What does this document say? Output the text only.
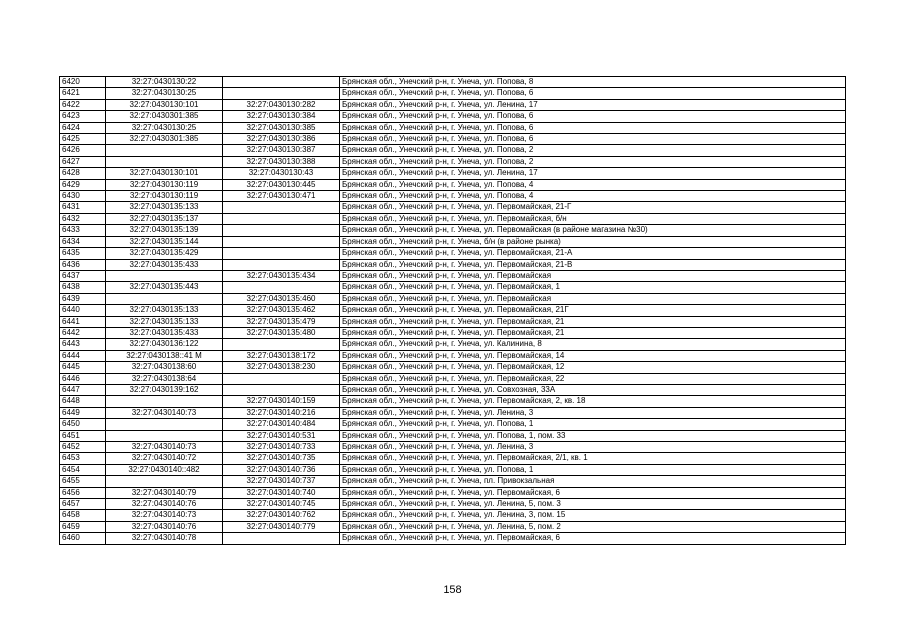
6420	32:27:0430130:22		Брянская обл., Унечский р-н, г. Унеча, ул. Попова, 8
6421	32:27:0430130:25		Брянская обл., Унечский р-н, г. Унеча, ул. Попова, 6
6422	32:27:0430130:101	32:27:0430130:282	Брянская обл., Унечский р-н, г. Унеча, ул. Ленина, 17
6423	32:27:0430301:385	32:27:0430130:384	Брянская обл., Унечский р-н, г. Унеча, ул. Попова, 6
6424	32:27:0430130:25	32:27:0430130:385	Брянская обл., Унечский р-н, г. Унеча, ул. Попова, 6
6425	32:27:0430301:385	32:27:0430130:386	Брянская обл., Унечский р-н, г. Унеча, ул. Попова, 6
6426		32:27:0430130:387	Брянская обл., Унечский р-н, г. Унеча, ул. Попова, 2
6427		32:27:0430130:388	Брянская обл., Унечский р-н, г. Унеча, ул. Попова, 2
6428	32:27:0430130:101	32:27:0430130:43	Брянская обл., Унечский р-н, г. Унеча, ул. Ленина, 17
6429	32:27:0430130:119	32:27:0430130:445	Брянская обл., Унечский р-н, г. Унеча, ул. Попова, 4
6430	32:27:0430130:119	32:27:0430130:471	Брянская обл., Унечский р-н, г. Унеча, ул. Попова, 4
6431	32:27:0430135:133		Брянская обл., Унечский р-н, г. Унеча, ул. Первомайская, 21-Г
6432	32:27:0430135:137		Брянская обл., Унечский р-н, г. Унеча, ул. Первомайская, б/н
6433	32:27:0430135:139		Брянская обл., Унечский р-н, г. Унеча, ул. Первомайская (в районе магазина №30)
6434	32:27:0430135:144		Брянская обл., Унечский р-н, г. Унеча, б/н (в районе рынка)
6435	32:27:0430135:429		Брянская обл., Унечский р-н, г. Унеча, ул. Первомайская, 21-А
6436	32:27:0430135:433		Брянская обл., Унечский р-н, г. Унеча, ул. Первомайская, 21-В
6437		32:27:0430135:434	Брянская обл., Унечский р-н, г. Унеча, ул. Первомайская
6438	32:27:0430135:443		Брянская обл., Унечский р-н, г. Унеча, ул. Первомайская, 1
6439		32:27:0430135:460	Брянская обл., Унечский р-н, г. Унеча, ул. Первомайская
6440	32:27:0430135:133	32:27:0430135:462	Брянская обл., Унечский р-н, г. Унеча, ул. Первомайская, 21Г
6441	32:27:0430135:133	32:27:0430135:479	Брянская обл., Унечский р-н, г. Унеча, ул. Первомайская, 21
6442	32:27:0430135:433	32:27:0430135:480	Брянская обл., Унечский р-н, г. Унеча, ул. Первомайская, 21
6443	32:27:0430136:122		Брянская обл., Унечский р-н, г. Унеча, ул. Калинина, 8
6444	32:27:0430138::41 М	32:27:0430138:172	Брянская обл., Унечский р-н, г. Унеча, ул. Первомайская, 14
6445	32:27:0430138:60	32:27:0430138:230	Брянская обл., Унечский р-н, г. Унеча, ул. Первомайская, 12
6446	32:27:0430138:64		Брянская обл., Унечский р-н, г. Унеча, ул. Первомайская, 22
6447	32:27:0430139:162		Брянская обл., Унечский р-н, г. Унеча, ул. Совхозная, 33А
6448		32:27:0430140:159	Брянская обл., Унечский р-н, г. Унеча, ул. Первомайская, 2, кв. 18
6449	32:27:0430140:73	32:27:0430140:216	Брянская обл., Унечский р-н, г. Унеча, ул. Ленина, 3
6450		32:27:0430140:484	Брянская обл., Унечский р-н, г. Унеча, ул. Попова, 1
6451		32:27:0430140:531	Брянская обл., Унечский р-н, г. Унеча, ул. Попова, 1, пом. 33
6452	32:27:0430140:73	32:27:0430140:733	Брянская обл., Унечский р-н, г. Унеча, ул. Ленина, 3
6453	32:27:0430140:72	32:27:0430140:735	Брянская обл., Унечский р-н, г. Унеча, ул. Первомайская, 2/1, кв. 1
6454	32:27:0430140::482	32:27:0430140:736	Брянская обл., Унечский р-н, г. Унеча, ул. Попова, 1
6455		32:27:0430140:737	Брянская обл., Унечский р-н, г. Унеча, пл. Привокзальная
6456	32:27:0430140:79	32:27:0430140:740	Брянская обл., Унечский р-н, г. Унеча, ул. Первомайская, 6
6457	32:27:0430140:76	32:27:0430140:745	Брянская обл., Унечский р-н, г. Унеча, ул. Ленина, 5, пом. 3
6458	32:27:0430140:73	32:27:0430140:762	Брянская обл., Унечский р-н, г. Унеча, ул. Ленина, 3, пом. 15
6459	32:27:0430140:76	32:27:0430140:779	Брянская обл., Унечский р-н, г. Унеча, ул. Ленина, 5, пом. 2
6460	32:27:0430140:78		Брянская обл., Унечский р-н, г. Унеча, ул. Первомайская, 6
158
